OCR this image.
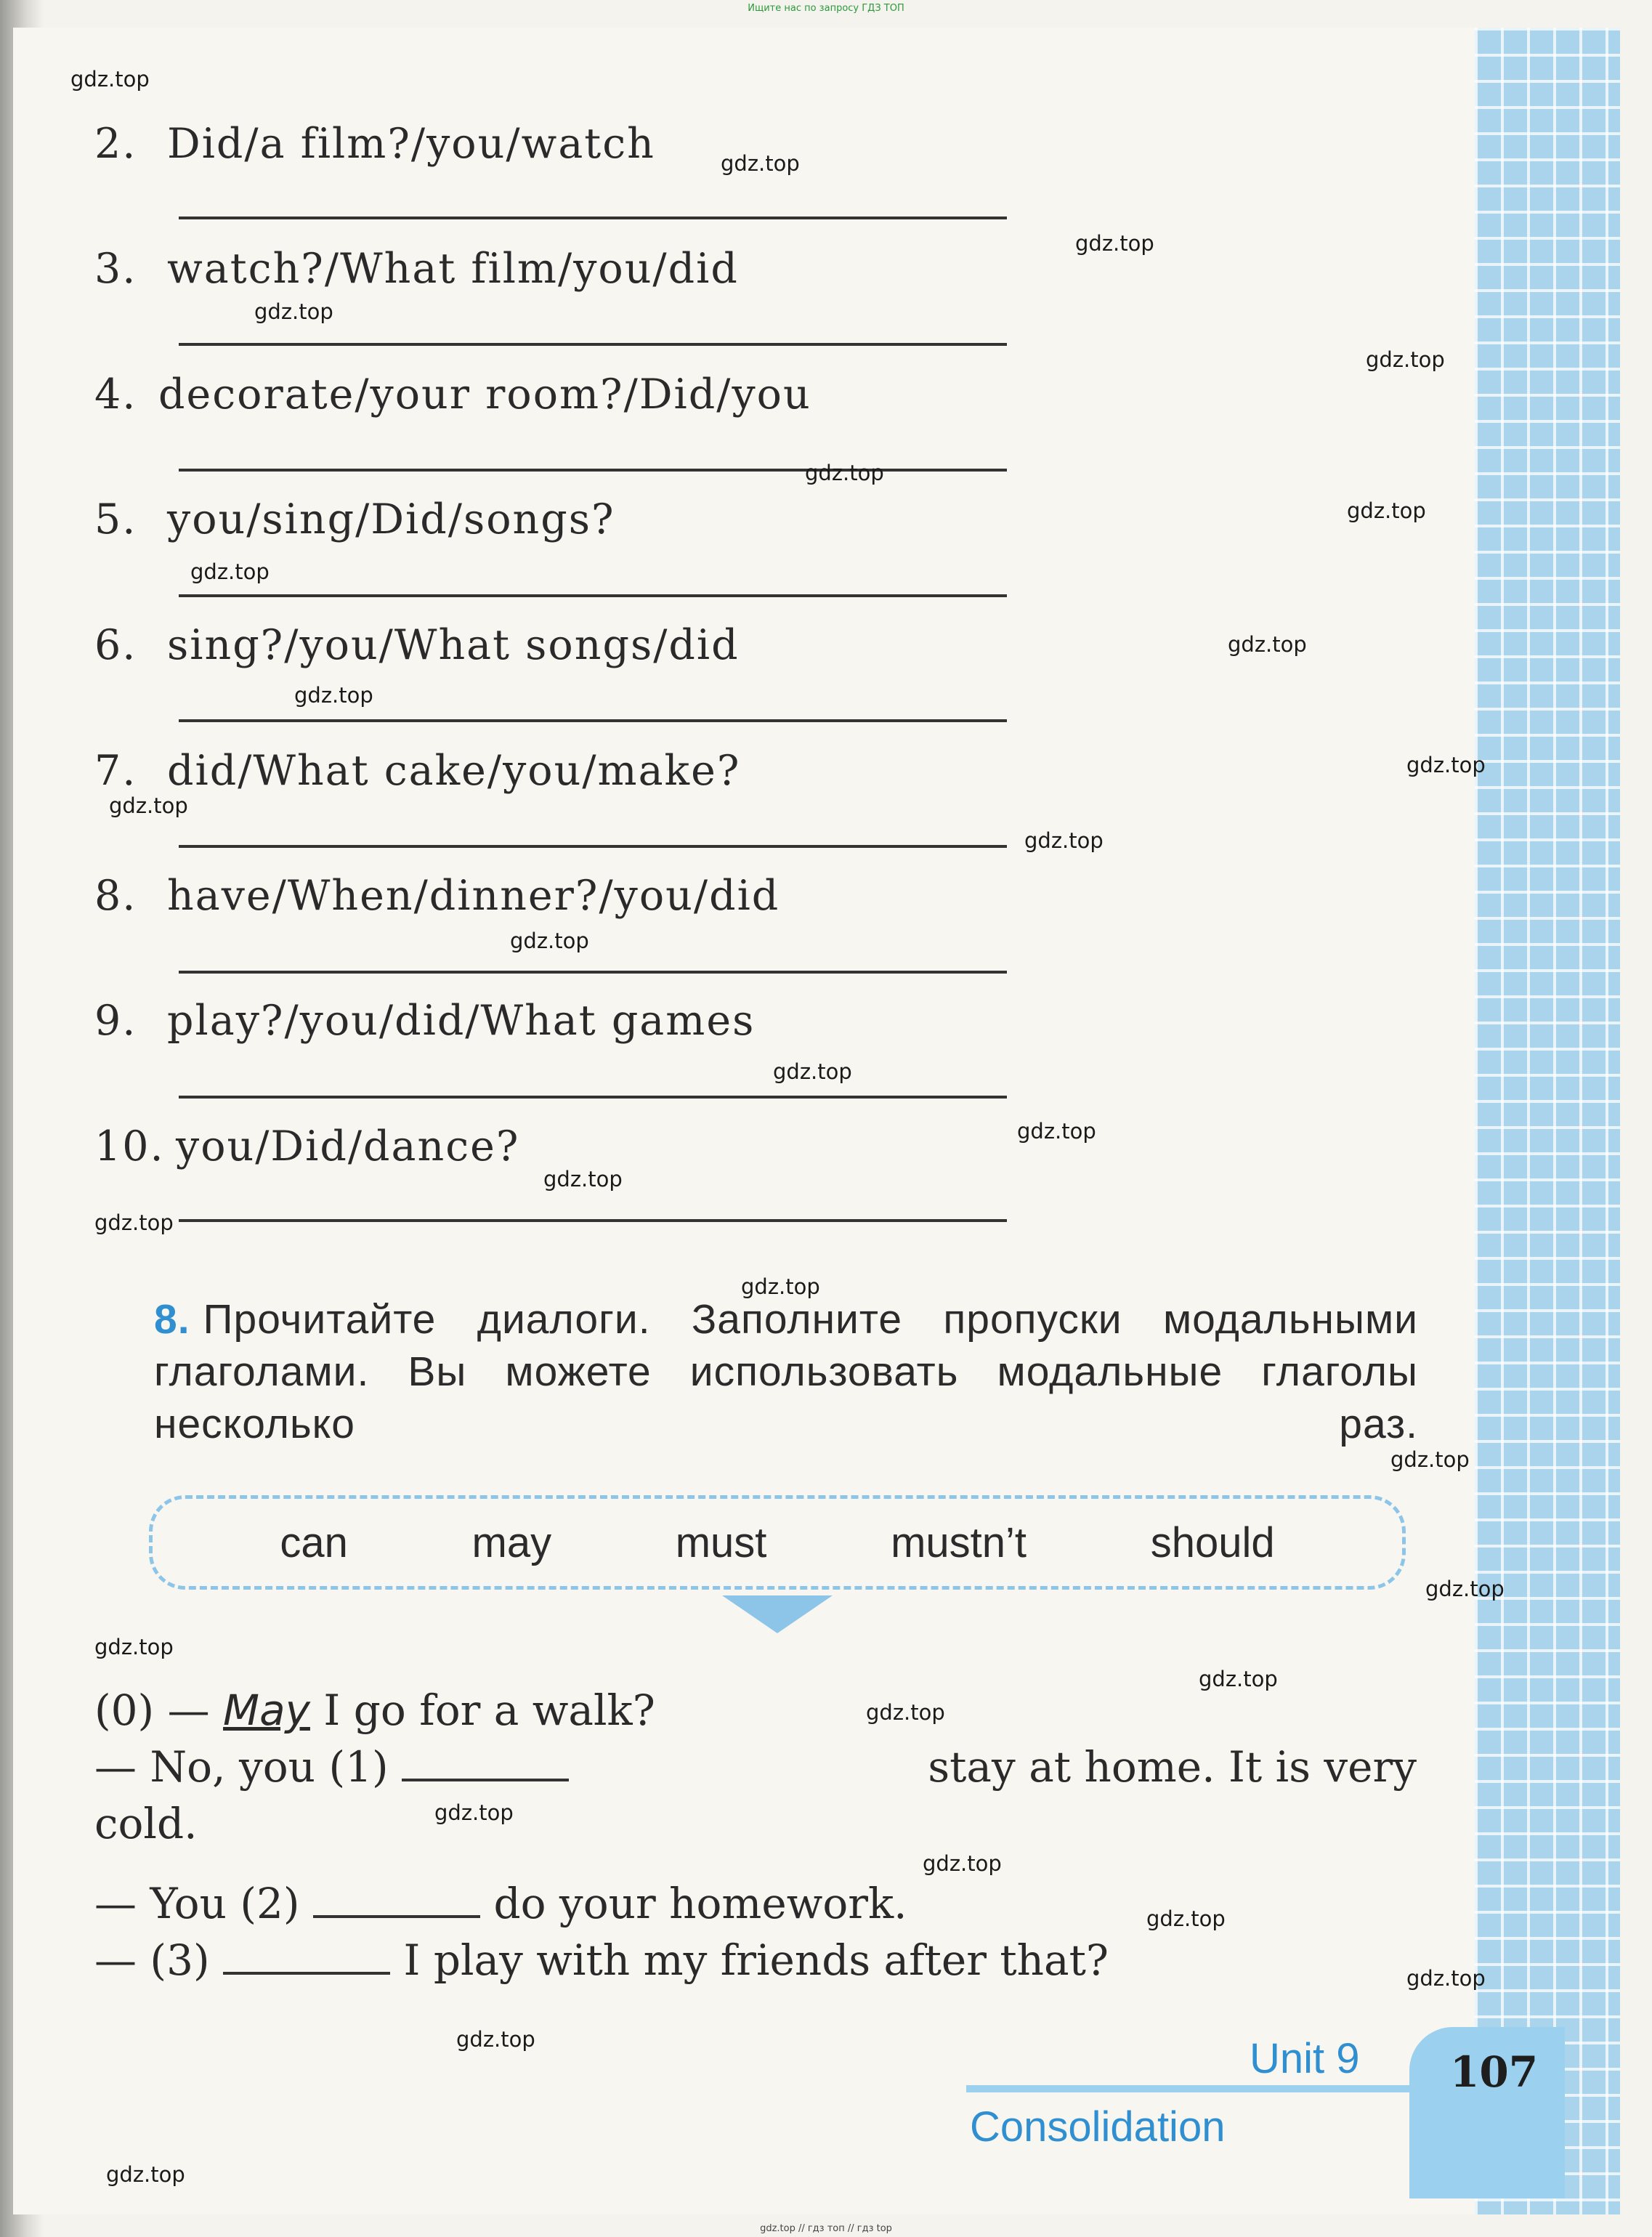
Ищите нас по запросу ГДЗ ТОП
2. Did/a film?/you/watch
3. watch?/What film/you/did
4. decorate/your room?/Did/you
5. you/sing/Did/songs?
6. sing?/you/What songs/did
7. did/What cake/you/make?
8. have/When/dinner?/you/did
9. play?/you/did/What games
10. you/Did/dance?
8. Прочитайте диалоги. Заполните пропуски модальными глаголами. Вы можете использовать модальные глаголы несколько раз.
can	may	must	mustn’t	should
(0) — May I go for a walk?
— No, you (1)	stay at home. It is very
cold.
— You (2)	do your homework.
— (3)	I play with my friends after that?
Unit 9
Consolidation
107
gdz.top
gdz.top
gdz.top
gdz.top
gdz.top
gdz.top
gdz.top
gdz.top
gdz.top
gdz.top
gdz.top
gdz.top
gdz.top
gdz.top
gdz.top
gdz.top
gdz.top
gdz.top
gdz.top
gdz.top
gdz.top
gdz.top
gdz.top
gdz.top
gdz.top
gdz.top
gdz.top
gdz.top
gdz.top
gdz.top
gdz.top // гдз топ // гдз top
